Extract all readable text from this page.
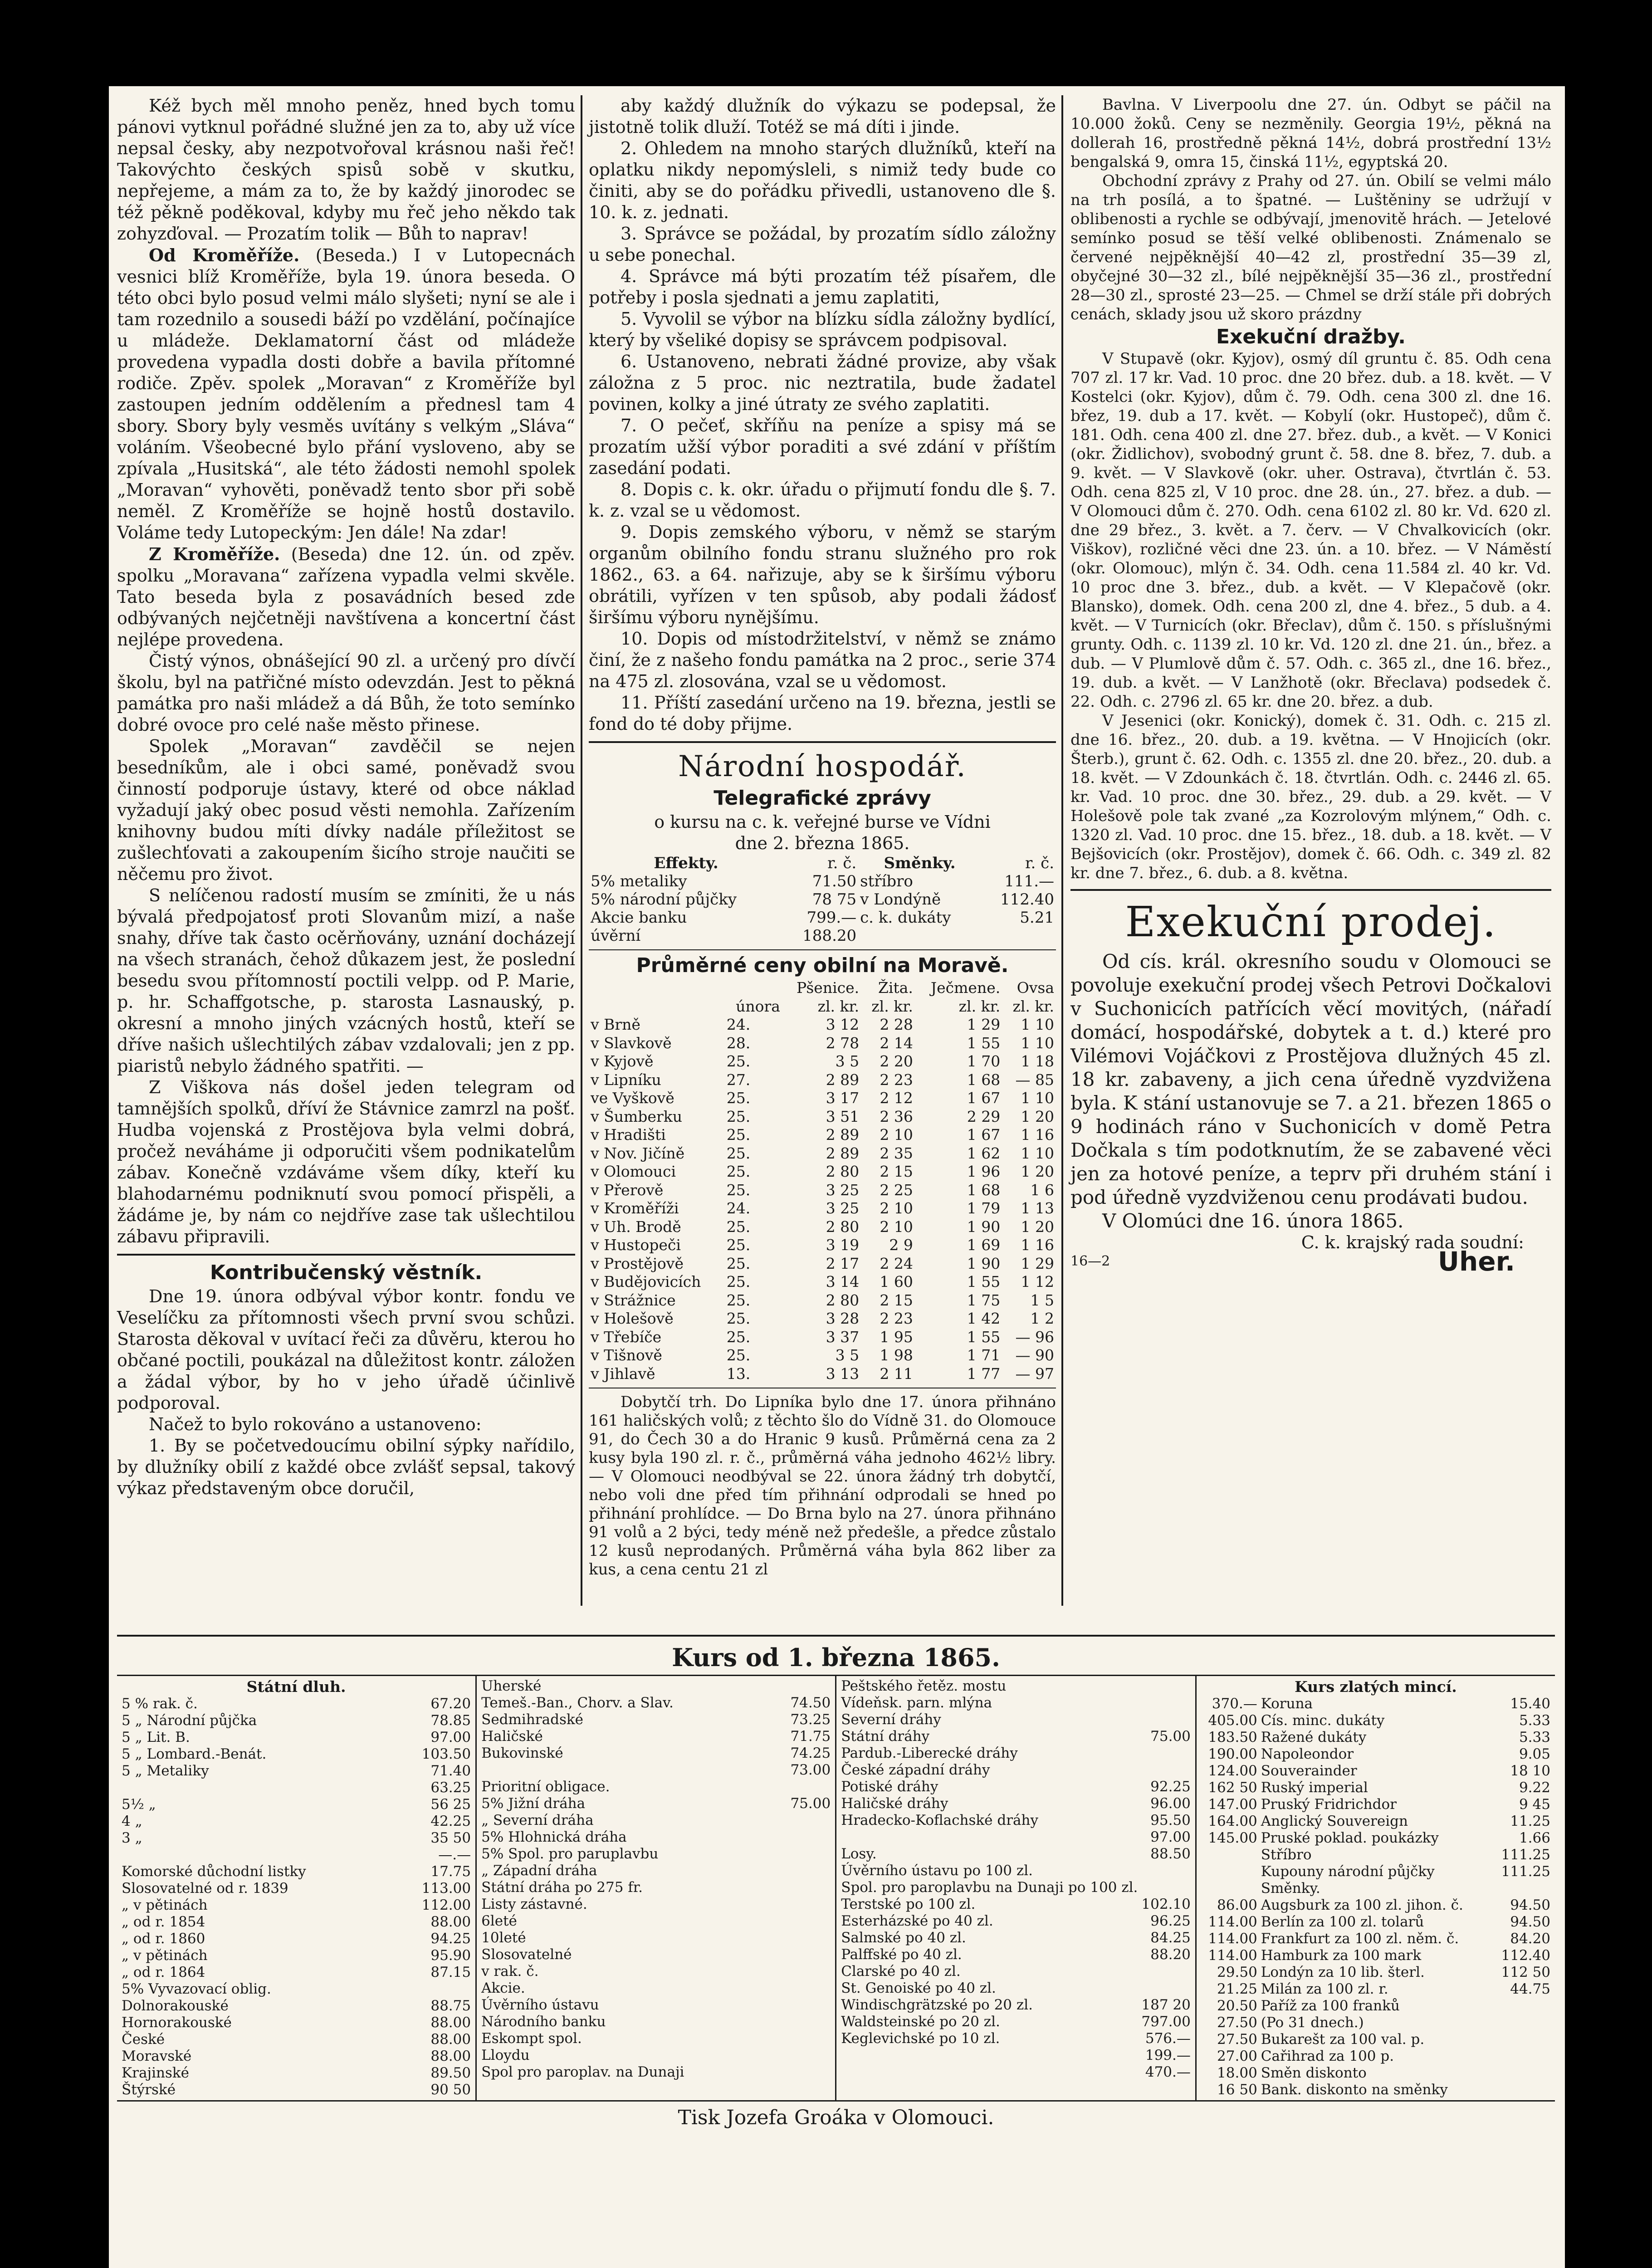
Kéž bych měl mnoho peněz, hned bych tomu pánovi vytknul pořádné služné jen za to, aby už více nepsal česky, aby nezpotvořoval krásnou naši řeč! Takovýchto českých spisů sobě v skutku, nepřejeme, a mám za to, že by každý jinorodec se též pěkně poděkoval, kdyby mu řeč jeho někdo tak zohyzďoval. — Prozatím tolik — Bůh to naprav!

Od Kroměříže. (Beseda.) I v Lutopecnách vesnici blíž Kroměříže, byla 19. února beseda. O této obci bylo posud velmi málo slyšeti; nyní se ale i tam rozednilo a sousedi báží po vzdělání, počínajíce u mládeže. Deklamatorní část od mládeže provedena vypadla dosti dobře a bavila přítomné rodiče. Zpěv. spolek „Moravan“ z Kroměříže byl zastoupen jedním oddělením a přednesl tam 4 sbory. Sbory byly vesměs uvítány s velkým „Sláva“ voláním. Všeobecné bylo přání vysloveno, aby se zpívala „Husitská“, ale této žádosti nemohl spolek „Moravan“ vyhověti, poněvadž tento sbor při sobě neměl. Z Kroměříže se hojně hostů dostavilo. Voláme tedy Lutopeckým: Jen dále! Na zdar!

Z Kroměříže. (Beseda) dne 12. ún. od zpěv. spolku „Moravana“ zařízena vypadla velmi skvěle. Tato beseda byla z posavádních besed zde odbývaných nejčetněji navštívena a koncertní část nejlépe provedena.

Čistý výnos, obnášející 90 zl. a určený pro dívčí školu, byl na patřičné místo odevzdán. Jest to pěkná památka pro naši mládež a dá Bůh, že toto semínko dobré ovoce pro celé naše město přinese.

Spolek „Moravan“ zavděčil se nejen besedníkům, ale i obci samé, poněvadž svou činností podporuje ústavy, které od obce náklad vyžadují jaký obec posud věsti nemohla. Zařízením knihovny budou míti dívky nadále příležitost se zušlechťovati a zakoupením šicího stroje naučiti se něčemu pro život.

S nelíčenou radostí musím se zmíniti, že u nás bývalá předpojatosť proti Slovanům mizí, a naše snahy, dříve tak často ocěrňovány, uznání docházejí na všech stranách, čehož důkazem jest, že poslední besedu svou přítomností poctili velpp. od P. Marie, p. hr. Schaffgotsche, p. starosta Lasnauský, p. okresní a mnoho jiných vzácných hostů, kteří se dříve našich ušlechtilých zábav vzdalovali; jen z pp. piaristů nebylo žádného spatřiti. —

Z Viškova nás došel jeden telegram od tamnějších spolků, dříví že Stávnice zamrzl na pošť. Hudba vojenská z Prostějova byla velmi dobrá, pročež neváháme ji odporučiti všem podnikatelům zábav. Konečně vzdáváme všem díky, kteří ku blahodarnému podniknutí svou pomocí přispěli, a žádáme je, by nám co nejdříve zase tak ušlechtilou zábavu připravili.

Kontribučenský věstník.

Dne 19. února odbýval výbor kontr. fondu ve Veselíčku za přítomnosti všech první svou schůzi. Starosta děkoval v uvítací řeči za důvěru, kterou ho občané poctili, poukázal na důležitost kontr. záložen a žádal výbor, by ho v jeho úřadě účinlivě podporoval.

Načež to bylo rokováno a ustanoveno:

1. By se početvedoucímu obilní sýpky nařídilo, by dlužníky obilí z každé obce zvlášť sepsal, takový výkaz představeným obce doručil,

aby každý dlužník do výkazu se podepsal, že jistotně tolik dluží. Totéž se má díti i jinde.

2. Ohledem na mnoho starých dlužníků, kteří na oplatku nikdy nepomýsleli, s nimiž tedy bude co činiti, aby se do pořádku přivedli, ustanoveno dle §. 10. k. z. jednati.

3. Správce se požádal, by prozatím sídlo záložny u sebe ponechal.

4. Správce má býti prozatím též písařem, dle potřeby i posla sjednati a jemu zaplatiti,

5. Vyvolil se výbor na blízku sídla záložny bydlící, který by všeliké dopisy se správcem podpisoval.

6. Ustanoveno, nebrati žádné provize, aby však záložna z 5 proc. nic neztratila, bude žadatel povinen, kolky a jiné útraty ze svého zaplatiti.

7. O pečeť, skříňu na peníze a spisy má se prozatím užší výbor poraditi a své zdání v příštím zasedání podati.

8. Dopis c. k. okr. úřadu o přijmutí fondu dle §. 7. k. z. vzal se u vědomost.

9. Dopis zemského výboru, v němž se starým organům obilního fondu stranu služného pro rok 1862., 63. a 64. nařizuje, aby se k širšímu výboru obrátili, vyřízen v ten spůsob, aby podali žádosť širšímu výboru nynějšímu.

10. Dopis od místodržitelství, v němž se známo činí, že z našeho fondu památka na 2 proc., serie 374 na 475 zl. zlosována, vzal se u vědomost.

11. Příští zasedání určeno na 19. března, jestli se fond do té doby přijme.

Národní hospodář.
Telegrafické zprávy
o kursu na c. k. veřejné burse ve Vídni
dne 2. března 1865.
Effekty.	r. č.	Směnky.	r. č.
5% metaliky	71.50	stříbro	111.—
5% národní půjčky	78 75	v Londýně	112.40
Akcie banku	799.—	c. k. dukáty	5.21
úvěrní	188.20		
Průměrné ceny obilní na Moravě.
		Pšenice.	Žita.	Ječmene.	Ovsa
	února	zl. kr.	zl. kr.	zl. kr.	zl. kr.
v Brně	24.	3 12	2 28	1 29	1 10
v Slavkově	28.	2 78	2 14	1 55	1 10
v Kyjově	25.	3 5	2 20	1 70	1 18
v Lipníku	27.	2 89	2 23	1 68	— 85
ve Vyškově	25.	3 17	2 12	1 67	1 10
v Šumberku	25.	3 51	2 36	2 29	1 20
v Hradišti	25.	2 89	2 10	1 67	1 16
v Nov. Jičíně	25.	2 89	2 35	1 62	1 10
v Olomouci	25.	2 80	2 15	1 96	1 20
v Přerově	25.	3 25	2 25	1 68	1 6
v Kroměříži	24.	3 25	2 10	1 79	1 13
v Uh. Brodě	25.	2 80	2 10	1 90	1 20
v Hustopeči	25.	3 19	2 9	1 69	1 16
v Prostějově	25.	2 17	2 24	1 90	1 29
v Budějovicích	25.	3 14	1 60	1 55	1 12
v Strážnice	25.	2 80	2 15	1 75	1 5
v Holešově	25.	3 28	2 23	1 42	1 2
v Třebíče	25.	3 37	1 95	1 55	— 96
v Tišnově	25.	3 5	1 98	1 71	— 90
v Jihlavě	13.	3 13	2 11	1 77	— 97

Dobytčí trh. Do Lipníka bylo dne 17. února přihnáno 161 haličských volů; z těchto šlo do Vídně 31. do Olomouce 91, do Čech 30 a do Hranic 9 kusů. Průměrná cena za 2 kusy byla 190 zl. r. č., průměrná váha jednoho 462½ libry. — V Olomouci neodbýval se 22. února žádný trh dobytčí, nebo voli dne před tím přihnání odprodali se hned po přihnání prohlídce. — Do Brna bylo na 27. února přihnáno 91 volů a 2 býci, tedy méně než předešle, a předce zůstalo 12 kusů neprodaných. Průměrná váha byla 862 liber za kus, a cena centu 21 zl

Bavlna. V Liverpoolu dne 27. ún. Odbyt se páčil na 10.000 žoků. Ceny se nezměnily. Georgia 19½, pěkná na dollerah 16, prostředně pěkná 14½, dobrá prostřední 13½ bengalská 9, omra 15, činská 11½, egyptská 20.

Obchodní zprávy z Prahy od 27. ún. Obilí se velmi málo na trh posílá, a to špatné. — Luštěniny se udržují v oblibenosti a rychle se odbývají, jmenovitě hrách. — Jetelové semínko posud se těší velké oblibenosti. Známenalo se červené nejpěknější 40—42 zl, prostřední 35—39 zl, obyčejné 30—32 zl., bílé nejpěknější 35—36 zl., prostřední 28—30 zl., sprosté 23—25. — Chmel se drží stále při dobrých cenách, sklady jsou už skoro prázdny

Exekuční dražby.

V Stupavě (okr. Kyjov), osmý díl gruntu č. 85. Odh cena 707 zl. 17 kr. Vad. 10 proc. dne 20 břez. dub. a 18. květ. — V Kostelci (okr. Kyjov), dům č. 79. Odh. cena 300 zl. dne 16. břez, 19. dub a 17. květ. — Kobylí (okr. Hustopeč), dům č. 181. Odh. cena 400 zl. dne 27. břez. dub., a květ. — V Konici (okr. Židlichov), svobodný grunt č. 58. dne 8. břez, 7. dub. a 9. květ. — V Slavkově (okr. uher. Ostrava), čtvrtlán č. 53. Odh. cena 825 zl, V 10 proc. dne 28. ún., 27. břez. a dub. — V Olomouci dům č. 270. Odh. cena 6102 zl. 80 kr. Vd. 620 zl. dne 29 břez., 3. květ. a 7. červ. — V Chvalkovicích (okr. Viškov), rozličné věci dne 23. ún. a 10. břez. — V Náměstí (okr. Olomouc), mlýn č. 34. Odh. cena 11.584 zl. 40 kr. Vd. 10 proc dne 3. břez., dub. a květ. — V Klepačově (okr. Blansko), domek. Odh. cena 200 zl, dne 4. břez., 5 dub. a 4. květ. — V Turnicích (okr. Břeclav), dům č. 150. s příslušnými grunty. Odh. c. 1139 zl. 10 kr. Vd. 120 zl. dne 21. ún., břez. a dub. — V Plumlově dům č. 57. Odh. c. 365 zl., dne 16. břez., 19. dub. a květ. — V Lanžhotě (okr. Břeclava) podsedek č. 22. Odh. c. 2796 zl. 65 kr. dne 20. břez. a dub.

V Jesenici (okr. Konický), domek č. 31. Odh. c. 215 zl. dne 16. břez., 20. dub. a 19. května. — V Hnojicích (okr. Šterb.), grunt č. 62. Odh. c. 1355 zl. dne 20. břez., 20. dub. a 18. květ. — V Zdounkách č. 18. čtvrtlán. Odh. c. 2446 zl. 65. kr. Vad. 10 proc. dne 30. břez., 29. dub. a 29. květ. — V Holešově pole tak zvané „za Kozrolovým mlýnem,“ Odh. c. 1320 zl. Vad. 10 proc. dne 15. břez., 18. dub. a 18. květ. — V Bejšovicích (okr. Prostějov), domek č. 66. Odh. c. 349 zl. 82 kr. dne 7. břez., 6. dub. a 8. května.

Exekuční prodej.

Od cís. král. okresního soudu v Olomouci se povoluje exekuční prodej všech Petrovi Dočkalovi v Suchonicích patřících věcí movitých, (nářadí domácí, hospodářské, dobytek a t. d.) které pro Vilémovi Vojáčkovi z Prostějova dlužných 45 zl. 18 kr. zabaveny, a jich cena úředně vyzdvižena byla. K stání ustanovuje se 7. a 21. březen 1865 o 9 hodinách ráno v Suchonicích v domě Petra Dočkala s tím podotknutím, že se zabavené věci jen za hotové peníze, a teprv při druhém stání i pod úředně vyzdviženou cenu prodávati budou.

V Olomúci dne 16. února 1865.

C. k. krajský rada soudní:
16—2	Uher.
Kurs od 1. března 1865.
Státní dluh.
5 % rak. č.	67.20
5 „ Národní půjčka	78.85
5 „ Lit. B.	97.00
5 „ Lombard.-Benát.	103.50
5 „ Metaliky	71.40
	63.25
5½ „	56 25
4 „	42.25
3 „	35 50
	—.—
Komorské důchodní listky	17.75
Slosovatelné od r. 1839	113.00
„ v pětinách	112.00
„ od r. 1854	88.00
„ od r. 1860	94.25
„ v pětinách	95.90
„ od r. 1864	87.15
5% Vyvazovací oblig.	
Dolnorakouské	88.75
Hornorakouské	88.00
České	88.00
Moravské	88.00
Krajinské	89.50
Štýrské	90 50
Uherské	
Temeš.-Ban., Chorv. a Slav.	74.50
Sedmihradské	73.25
Haličské	71.75
Bukovinské	74.25
	73.00
Prioritní obligace.	
5% Jižní dráha	75.00
„ Severní dráha	
5% Hlohnická dráha	
5% Spol. pro paruplavbu	
„ Západní dráha	
Státní dráha po 275 fr.	
Listy zástavné.	
6leté	
10leté	
Slosovatelné	
v rak. č.	
Akcie.	
Úvěrního ústavu	
Národního banku	
Eskompt spol.	
Lloydu	
Spol pro paroplav. na Dunaji	
Peštského řetěz. mostu	
Vídeňsk. parn. mlýna	
Severní dráhy	
Státní dráhy	75.00
Pardub.-Liberecké dráhy	
České západní dráhy	
Potiské dráhy	92.25
Haličské dráhy	96.00
Hradecko-Koflachské dráhy	95.50
	97.00
Losy.	88.50
Úvěrního ústavu po 100 zl.	
Spol. pro paroplavbu na Dunaji po 100 zl.	
Terstské po 100 zl.	102.10
Esterházské po 40 zl.	96.25
Salmské po 40 zl.	84.25
Palffské po 40 zl.	88.20
Clarské po 40 zl.	
St. Genoiské po 40 zl.	
Windischgrätzské po 20 zl.	187 20
Waldsteinské po 20 zl.	797.00
Keglevichské po 10 zl.	576.—
	199.—
	470.—
Kurs zlatých mincí.
370.—	Koruna	15.40
405.00	Cís. minc. dukáty	5.33
183.50	Ražené dukáty	5.33
190.00	Napoleondor	9.05
124.00	Souverainder	18 10
162 50	Ruský imperial	9.22
147.00	Pruský Fridrichdor	9 45
164.00	Anglický Souvereign	11.25
145.00	Pruské poklad. poukázky	1.66
	Stříbro	111.25
	Kupouny národní půjčky	111.25
	Směnky.	
86.00	Augsburk za 100 zl. jihon. č.	94.50
114.00	Berlín za 100 zl. tolarů	94.50
114.00	Frankfurt za 100 zl. něm. č.	84.20
114.00	Hamburk za 100 mark	112.40
29.50	Londýn za 10 lib. šterl.	112 50
21.25	Milán za 100 zl. r.	44.75
20.50	Paříž za 100 franků	
27.50	(Po 31 dnech.)	
27.50	Bukarešt za 100 val. p.	
27.00	Cařihrad za 100 p.	
18.00	Směn diskonto	
16 50	Bank. diskonto na směnky	
Tisk Jozefa Groáka v Olomouci.
